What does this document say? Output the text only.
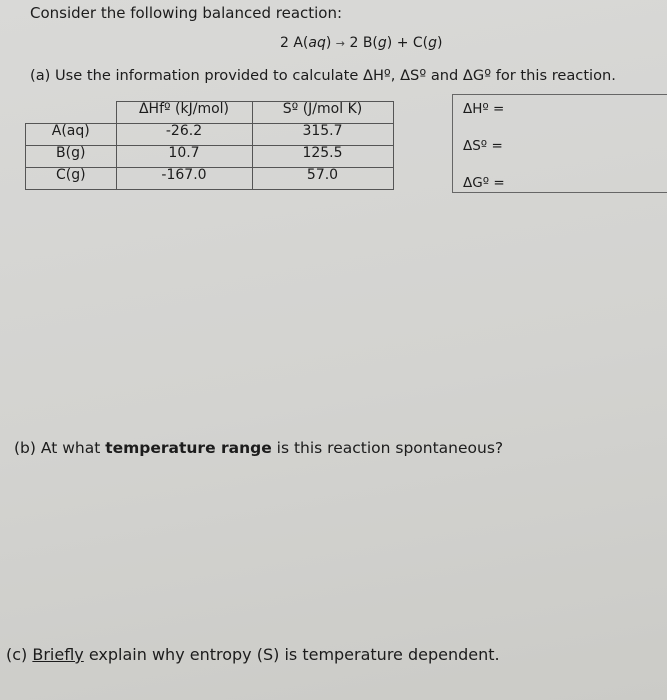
Consider the following balanced reaction:
2 A(aq) → 2 B(g) + C(g)
(a) Use the information provided to calculate ΔHº, ΔSº and ΔGº for this reaction.
	ΔHfº (kJ/mol)	Sº (J/mol K)
A(aq)	-26.2	315.7
B(g)	10.7	125.5
C(g)	-167.0	57.0
ΔHº =
ΔSº =
ΔGº =
(b) At what temperature range is this reaction spontaneous?
(c) Briefly explain why entropy (S) is temperature dependent.
